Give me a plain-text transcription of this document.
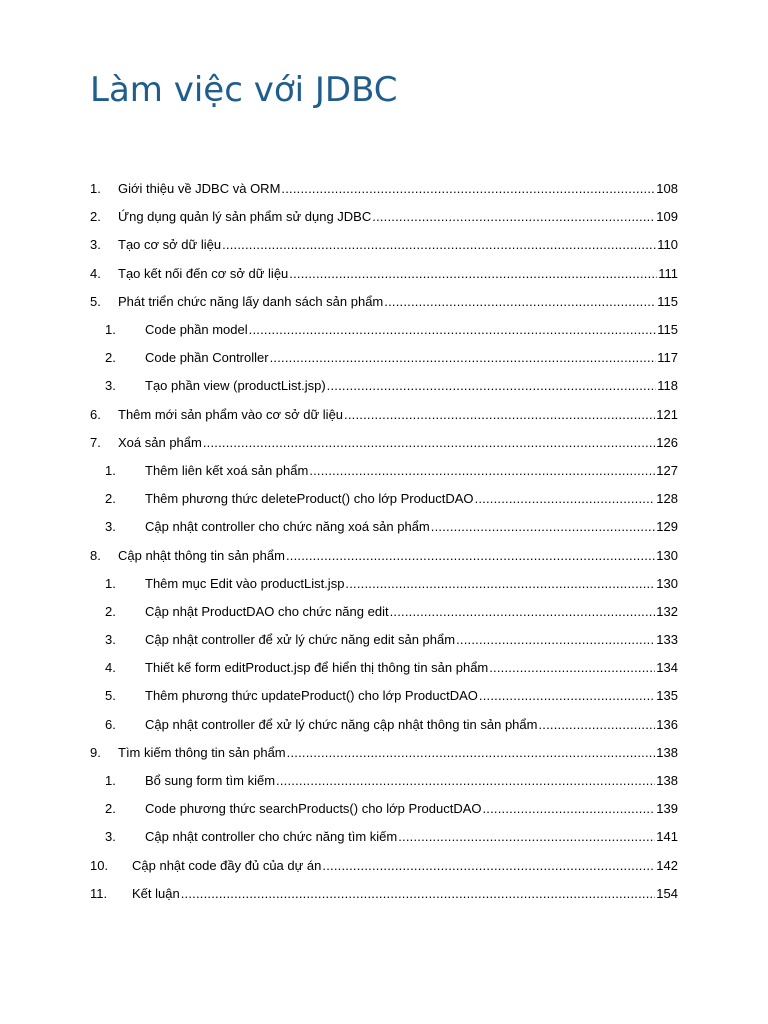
Làm việc với JDBC
1.	Giới thiệu về JDBC và ORM .....	108
2.	Ứng dụng quản lý sản phẩm sử dụng JDBC .....	109
3.	Tạo cơ sở dữ liệu .....	110
4.	Tạo kết nối đến cơ sở dữ liệu .....	111
5.	Phát triển chức năng lấy danh sách sản phẩm .....	115
1.	Code phần model .....	115
2.	Code phần Controller .....	117
3.	Tạo phần view (productList.jsp) .....	118
6.	Thêm mới sản phẩm vào cơ sở dữ liệu .....	121
7.	Xoá sản phẩm .....	126
1.	Thêm liên kết xoá sản phẩm .....	127
2.	Thêm phương thức deleteProduct() cho lớp ProductDAO .....	128
3.	Cập nhật controller cho chức năng xoá sản phẩm .....	129
8.	Cập nhật thông tin sản phẩm .....	130
1.	Thêm mục Edit vào productList.jsp .....	130
2.	Cập nhật ProductDAO cho chức năng edit .....	132
3.	Cập nhật controller để xử lý chức năng edit sản phẩm .....	133
4.	Thiết kế form editProduct.jsp để hiển thị thông tin sản phẩm .....	134
5.	Thêm phương thức updateProduct() cho lớp ProductDAO .....	135
6.	Cập nhật controller để xử lý chức năng cập nhật thông tin sản phẩm .....	136
9.	Tìm kiếm thông tin sản phẩm .....	138
1.	Bổ sung form tìm kiếm .....	138
2.	Code phương thức searchProducts() cho lớp ProductDAO .....	139
3.	Cập nhật controller cho chức năng tìm kiếm .....	141
10.	Cập nhật code đầy đủ của dự án .....	142
11.	Kết luận .....	154
